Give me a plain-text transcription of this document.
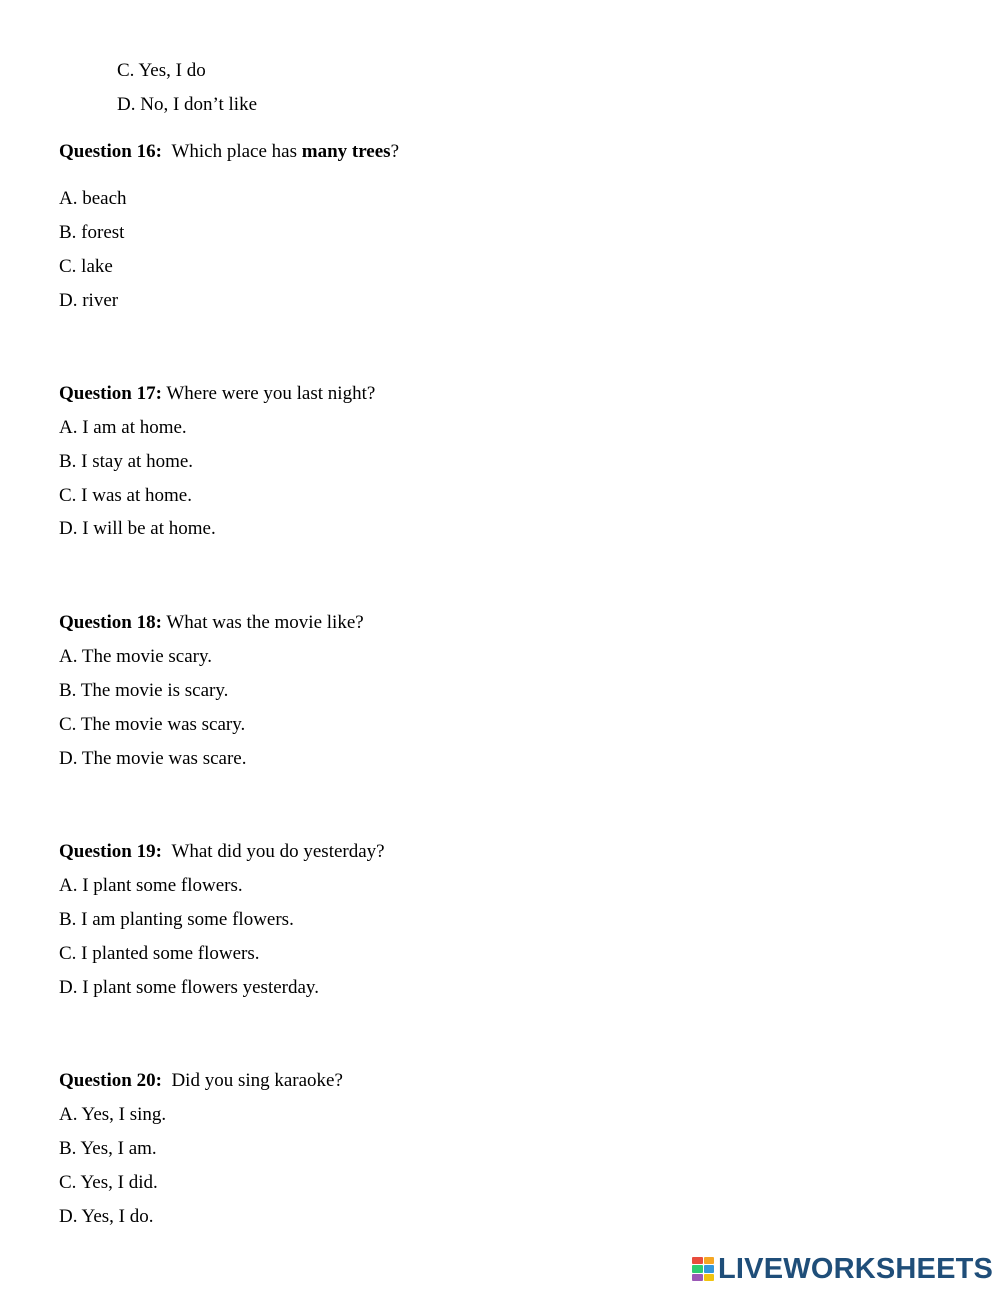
C. Yes, I do
D. No, I don’t like
Question 16: Which place has many trees?
A. beach
B. forest
C. lake
D. river
Question 17: Where were you last night?
A. I am at home.
B. I stay at home.
C. I was at home.
D. I will be at home.
Question 18: What was the movie like?
A. The movie scary.
B. The movie is scary.
C. The movie was scary.
D. The movie was scare.
Question 19: What did you do yesterday?
A. I plant some flowers.
B. I am planting some flowers.
C. I planted some flowers.
D. I plant some flowers yesterday.
Question 20: Did you sing karaoke?
A. Yes, I sing.
B. Yes, I am.
C. Yes, I did.
D. Yes, I do.
LIVEWORKSHEETS
